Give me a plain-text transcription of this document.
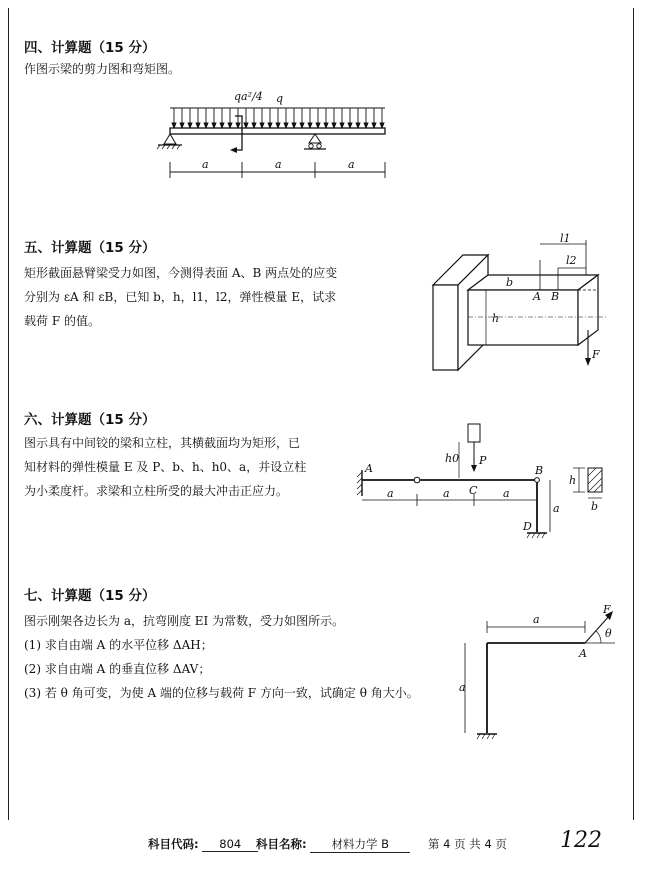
四、计算题（15 分）
作图示梁的剪力图和弯矩图。
qa²/4 q
a	a	a
五、计算题（15 分）
矩形截面悬臂梁受力如图，今测得表面 A、B 两点处的应变
分别为 εA 和 εB，已知 b，h，l1，l2，弹性模量 E，试求
载荷 F 的值。
l1
l2
A B
b
h
F
六、计算题（15 分）
图示具有中间铰的梁和立柱，其横截面均为矩形，已
知材料的弹性模量 E 及 P、b、h、h0、a，并设立柱
为小柔度杆。求梁和立柱所受的最大冲击正应力。
P
h0
A
C
B
D
a	a	a
a
h
b
七、计算题（15 分）
图示刚架各边长为 a，抗弯刚度 EI 为常数，受力如图所示。
(1) 求自由端 A 的水平位移 ΔAH；
(2) 求自由端 A 的垂直位移 ΔAV；
(3) 若 θ 角可变，为使 A 端的位移与载荷 F 方向一致，试确定 θ 角大小。
a
a
F
θ
A
科目代码: 804	科目名称: 材料力学 B	第 4 页 共 4 页 122
